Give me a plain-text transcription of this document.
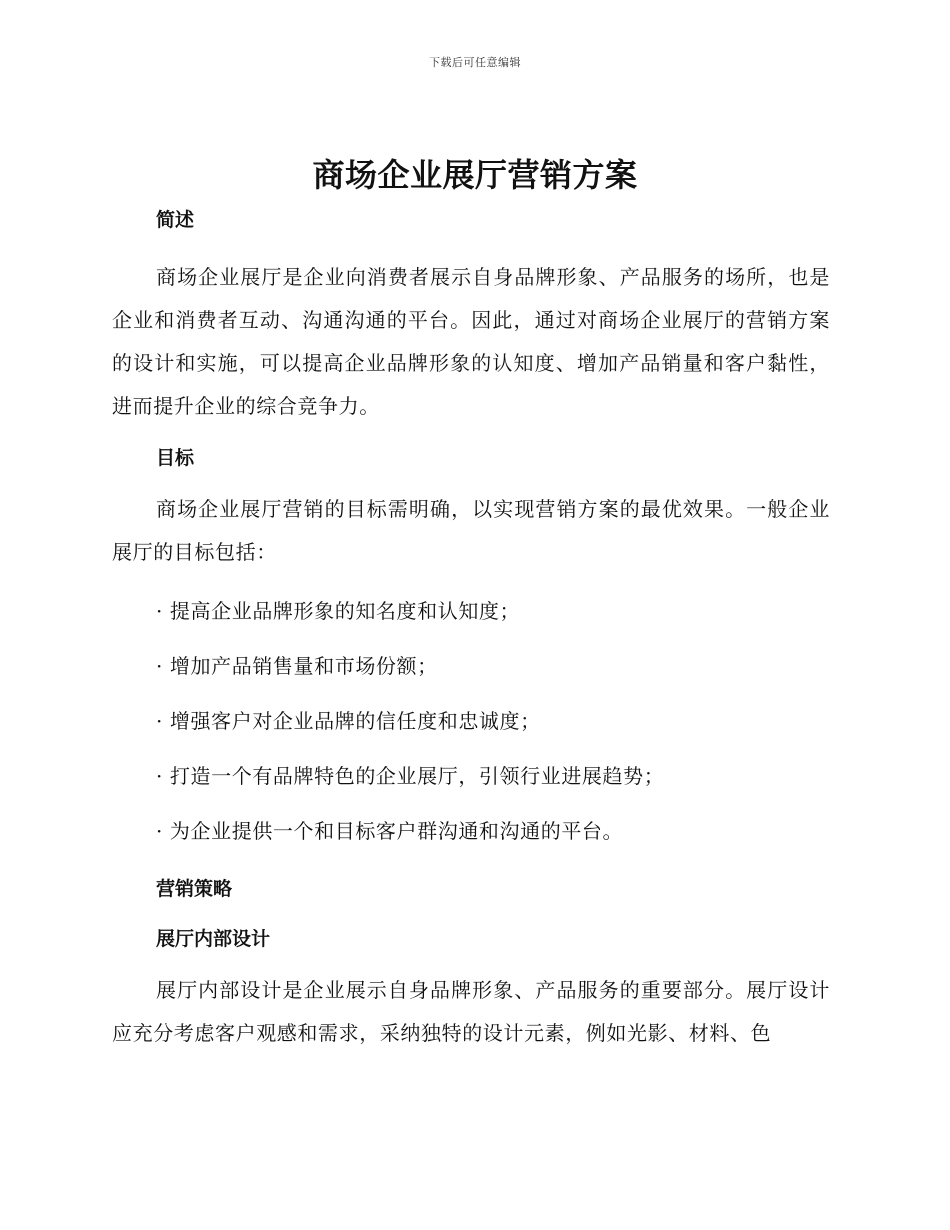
下载后可任意编辑
商场企业展厅营销方案

简述

商场企业展厅是企业向消费者展示自身品牌形象、产品服务的场所，也是企业和消费者互动、沟通沟通的平台。因此，通过对商场企业展厅的营销方案的设计和实施，可以提高企业品牌形象的认知度、增加产品销量和客户黏性，进而提升企业的综合竞争力。

目标

商场企业展厅营销的目标需明确，以实现营销方案的最优效果。一般企业展厅的目标包括：

· 提高企业品牌形象的知名度和认知度；

· 增加产品销售量和市场份额；

· 增强客户对企业品牌的信任度和忠诚度；

· 打造一个有品牌特色的企业展厅，引领行业进展趋势；

· 为企业提供一个和目标客户群沟通和沟通的平台。

营销策略

展厅内部设计

展厅内部设计是企业展示自身品牌形象、产品服务的重要部分。展厅设计应充分考虑客户观感和需求，采纳独特的设计元素，例如光影、材料、色
